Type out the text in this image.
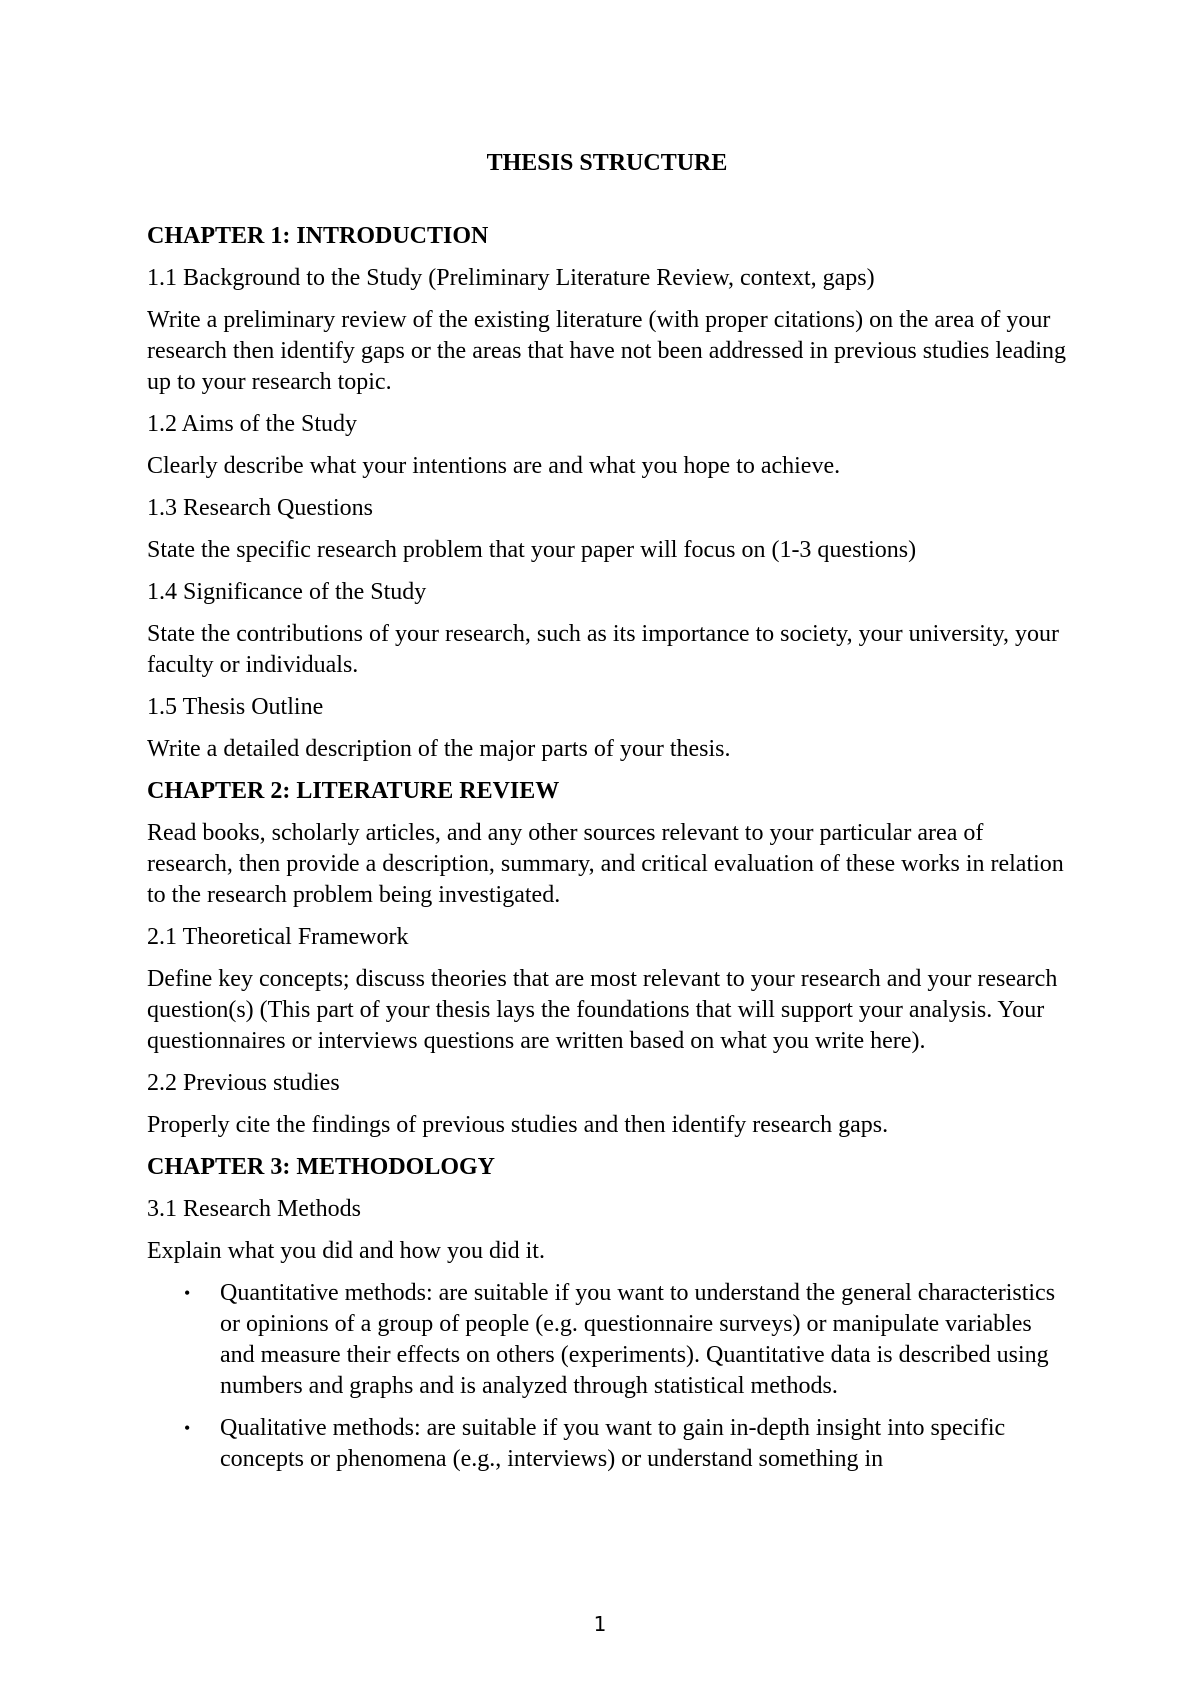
THESIS STRUCTURE
CHAPTER 1: INTRODUCTION
1.1 Background to the Study (Preliminary Literature Review, context, gaps)
Write a preliminary review of the existing literature (with proper citations) on the area of your research then identify gaps or the areas that have not been addressed in previous studies leading up to your research topic.
1.2 Aims of the Study
Clearly describe what your intentions are and what you hope to achieve.
1.3 Research Questions
State the specific research problem that your paper will focus on (1-3 questions)
1.4 Significance of the Study
State the contributions of your research, such as its importance to society, your university, your faculty or individuals.
1.5 Thesis Outline
Write a detailed description of the major parts of your thesis.
CHAPTER 2: LITERATURE REVIEW
Read books, scholarly articles, and any other sources relevant to your particular area of research, then provide a description, summary, and critical evaluation of these works in relation to the research problem being investigated.
2.1 Theoretical Framework
Define key concepts; discuss theories that are most relevant to your research and your research question(s) (This part of your thesis lays the foundations that will support your analysis. Your questionnaires or interviews questions are written based on what you write here).
2.2 Previous studies
Properly cite the findings of previous studies and then identify research gaps.
CHAPTER 3: METHODOLOGY
3.1 Research Methods
Explain what you did and how you did it.
• Quantitative methods: are suitable if you want to understand the general characteristics or opinions of a group of people (e.g. questionnaire surveys) or manipulate variables and measure their effects on others (experiments). Quantitative data is described using numbers and graphs and is analyzed through statistical methods.
• Qualitative methods: are suitable if you want to gain in-depth insight into specific concepts or phenomena (e.g., interviews) or understand something in
1
